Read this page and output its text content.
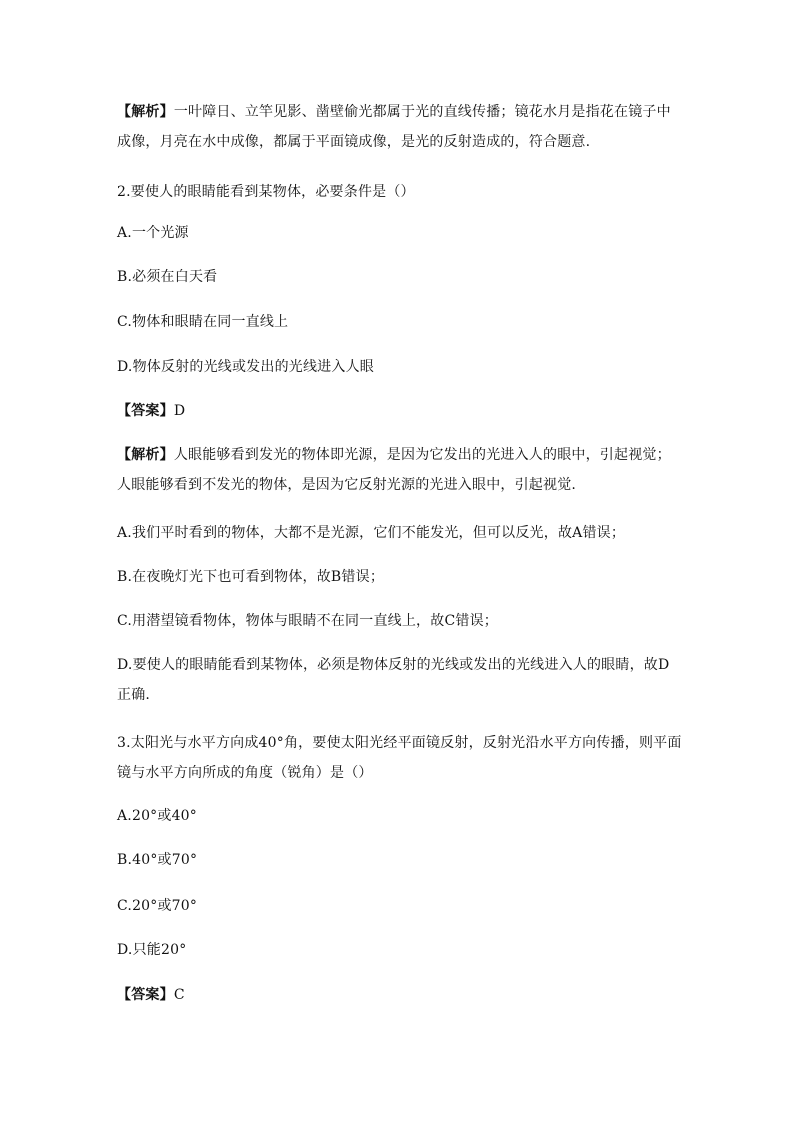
【解析】一叶障日、立竿见影、凿壁偷光都属于光的直线传播；镜花水月是指花在镜子中成像，月亮在水中成像，都属于平面镜成像，是光的反射造成的，符合题意.
2.要使人的眼睛能看到某物体，必要条件是（）
A.一个光源
B.必须在白天看
C.物体和眼睛在同一直线上
D.物体反射的光线或发出的光线进入人眼
【答案】D
【解析】人眼能够看到发光的物体即光源，是因为它发出的光进入人的眼中，引起视觉；人眼能够看到不发光的物体，是因为它反射光源的光进入眼中，引起视觉.
A.我们平时看到的物体，大都不是光源，它们不能发光，但可以反光，故A错误；
B.在夜晚灯光下也可看到物体，故B错误；
C.用潜望镜看物体，物体与眼睛不在同一直线上，故C错误；
D.要使人的眼睛能看到某物体，必须是物体反射的光线或发出的光线进入人的眼睛，故D正确.
3.太阳光与水平方向成40°角，要使太阳光经平面镜反射，反射光沿水平方向传播，则平面镜与水平方向所成的角度（锐角）是（）
A.20°或40°
B.40°或70°
C.20°或70°
D.只能20°
【答案】C
